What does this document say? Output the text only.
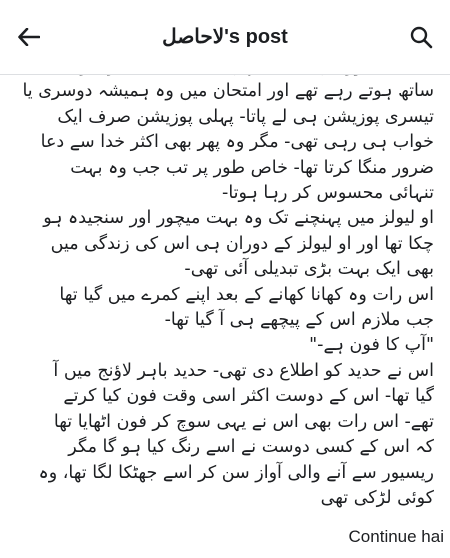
لاحاصل's post
ساتھ ہوتے رہے تھے اور امتحان میں وہ ہمیشہ دوسری یا
تیسری پوزیشن ہی لے پاتا- پہلی پوزیشن صرف ایک
خواب ہی رہی تھی- مگر وہ پھر بھی اکثر خدا سے دعا
ضرور منگا کرتا تھا- خاص طور پر تب جب وہ بہت
تنہائی محسوس کر رہا ہوتا-
او لیولز میں پہنچنے تک وہ بہت میچور اور سنجیدہ ہو
چکا تھا اور او لیولز کے دوران ہی اس کی زندگی میں
بھی ایک بہت بڑی تبدیلی آئی تھی-
اس رات وہ کھانا کھانے کے بعد اپنے کمرے میں گیا تھا
جب ملازم اس کے پیچھے ہی آ گیا تھا-
"آپ کا فون ہے-"
اس نے حدید کو اطلاع دی تھی- حدید باہر لاؤنج میں آ
گیا تھا- اس کے دوست اکثر اسی وقت فون کیا کرتے
تھے- اس رات بھی اس نے یہی سوچ کر فون اٹھایا تھا
کہ اس کے کسی دوست نے اسے رنگ کیا ہو گا مگر
ریسیور سے آنے والی آواز سن کر اسے جھٹکا لگا تھا، وہ
کوئی لڑکی تھی
Continue hai
